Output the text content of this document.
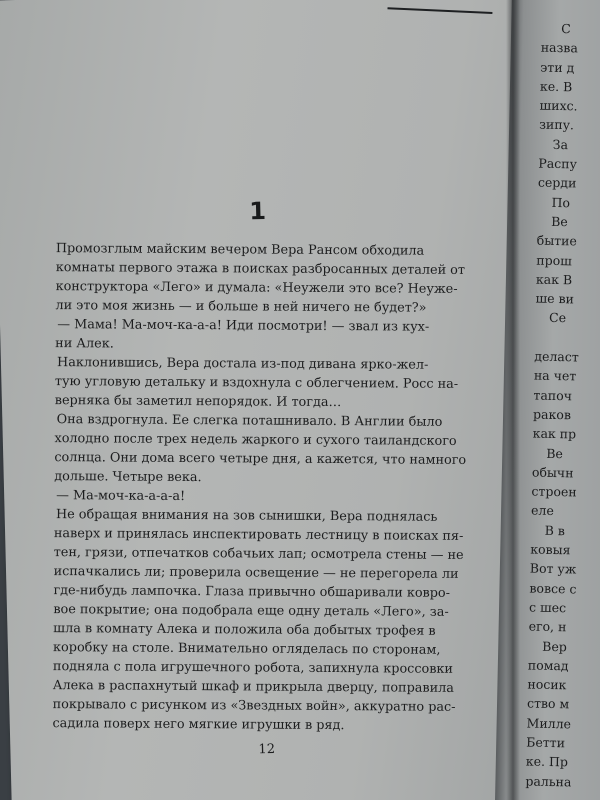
1

Промозглым майским вечером Вера Рансом обходила

комнаты первого этажа в поисках разбросанных деталей от

конструктора «Лего» и думала: «Неужели это все? Неуже-

ли это моя жизнь — и больше в ней ничего не будет?»

— Мама! Ма-моч-ка-а-а! Иди посмотри! — звал из кух-

ни Алек.

Наклонившись, Вера достала из-под дивана ярко-жел-

тую угловую детальку и вздохнула с облегчением. Росс на-

верняка бы заметил непорядок. И тогда…

Она вздрогнула. Ее слегка поташнивало. В Англии было

холодно после трех недель жаркого и сухого таиландского

солнца. Они дома всего четыре дня, а кажется, что намного

дольше. Четыре века.

— Ма-моч-ка-а-а-а!

Не обращая внимания на зов сынишки, Вера поднялась

наверх и принялась инспектировать лестницу в поисках пя-

тен, грязи, отпечатков собачьих лап; осмотрела стены — не

испачкались ли; проверила освещение — не перегорела ли

где-нибудь лампочка. Глаза привычно обшаривали ковро-

вое покрытие; она подобрала еще одну деталь «Лего», за-

шла в комнату Алека и положила оба добытых трофея в

коробку на столе. Внимательно огляделась по сторонам,

подняла с пола игрушечного робота, запихнула кроссовки

Алека в распахнутый шкаф и прикрыла дверцу, поправила

покрывало с рисунком из «Звездных войн», аккуратно рас-

садила поверх него мягкие игрушки в ряд.

12
С
назва
эти д
ке. В
шихс.
зипу.
За
Распу
серди
По
Ве
бытие
прош
как В
ше ви
Се
деласт
на чет
тапоч
раков
как пр
Ве
обычн
строен
еле
В в
ковыя
Вот уж
вовсе с
с шес
его, н
Вер
помад
носик
ство м
Милле
Бетти
ке. Пр
ральна
